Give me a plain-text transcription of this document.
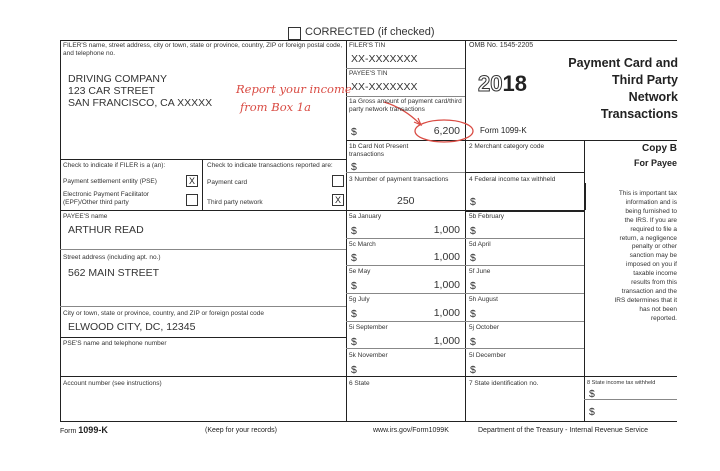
CORRECTED (if checked)
FILER'S name, street address, city or town, state or province, country, ZIP or foreign postal code, and telephone no.
DRIVING COMPANY
123 CAR STREET
SAN FRANCISCO, CA XXXXX
Report your income
from Box 1a
FILER'S TIN
XX-XXXXXXX
PAYEE'S TIN
XX-XXXXXXX
1a Gross amount of payment card/third party network transactions
$	6,200
OMB No. 1545-2205
2018
Form 1099-K
Payment Card and
Third Party
Network
Transactions
1b Card Not Present transactions
$
2 Merchant category code
3 Number of payment transactions
250
4 Federal income tax withheld
$
Copy B
For Payee
This is important tax
information and is
being furnished to
the IRS. If you are
required to file a
return, a negligence
penalty or other
sanction may be
imposed on you if
taxable income
results from this
transaction and the
IRS determines that it
has not been
reported.
Check to indicate if FILER is a (an):
Payment settlement entity (PSE)	X
Electronic Payment Facilitator
(EPF)/Other third party
Check to indicate transactions reported are:
Payment card
Third party network	X
PAYEE'S name
ARTHUR READ
Street address (including apt. no.)
562 MAIN STREET
City or town, state or province, country, and ZIP or foreign postal code
ELWOOD CITY, DC, 12345
PSE'S name and telephone number
Account number (see instructions)
5a January
$	1,000
5b February
$
5c March
$	1,000
5d April
$
5e May
$	1,000
5f June
$
5g July
$	1,000
5h August
$
5i September
$	1,000
5j October
$
5k November
$
5l December
$
6 State	7 State identification no.	8 State income tax withheld
$
$
Form 1099-K	(Keep for your records)	www.irs.gov/Form1099K	Department of the Treasury - Internal Revenue Service
